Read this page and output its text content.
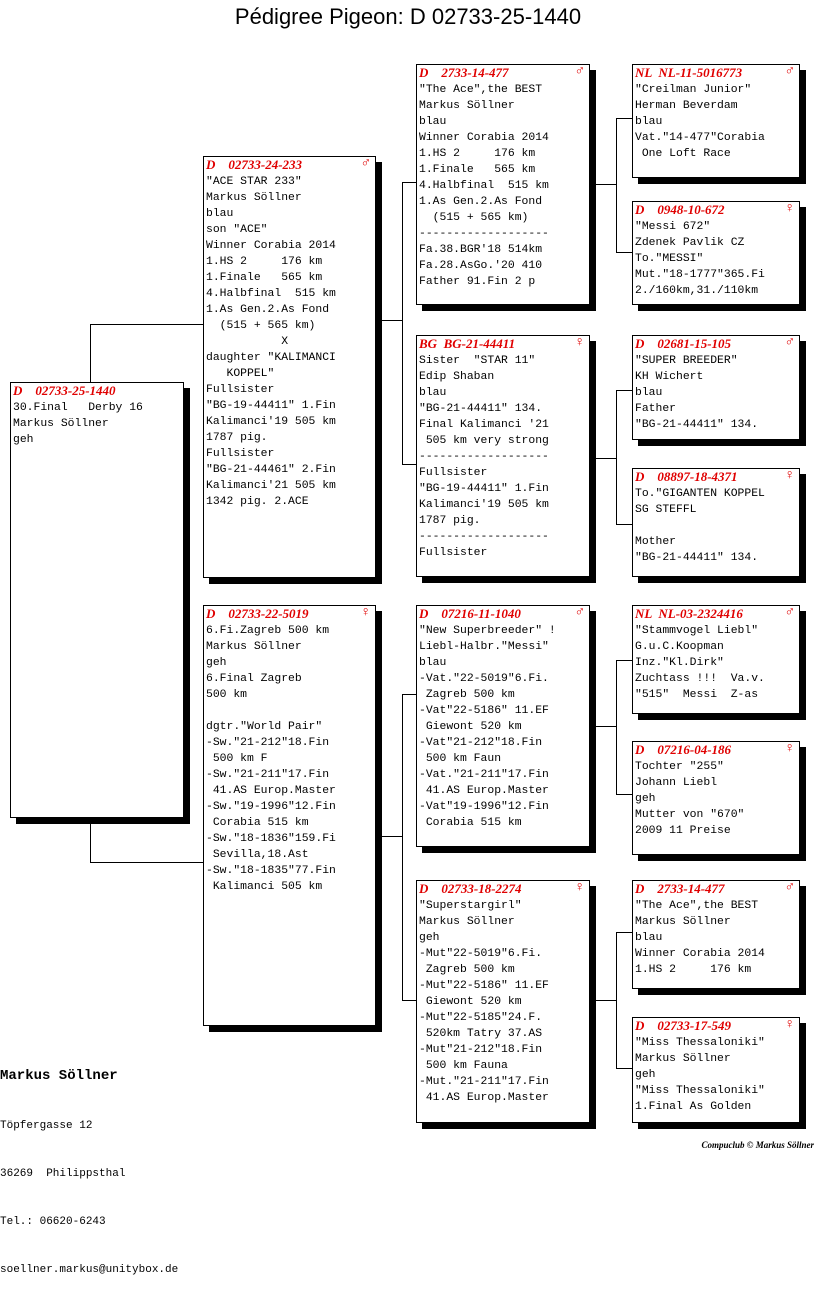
Pédigree Pigeon: D 02733-25-1440
D 02733-25-1440
30.Final   Derby 16
Markus Söllner
geh
D 02733-24-233	♂
"ACE STAR 233"
Markus Söllner
blau
son "ACE"
Winner Corabia 2014
1.HS 2     176 km
1.Finale   565 km
4.Halbfinal  515 km
1.As Gen.2.As Fond
(515 + 565 km)
X
daughter "KALIMANCI
KOPPEL"
Fullsister
"BG-19-44411" 1.Fin
Kalimanci'19 505 km
1787 pig.
Fullsister
"BG-21-44461" 2.Fin
Kalimanci'21 505 km
1342 pig. 2.ACE
D 02733-22-5019	♀
6.Fi.Zagreb 500 km
Markus Söllner
geh
6.Final Zagreb
500 km
dgtr."World Pair"
-Sw."21-212"18.Fin
500 km F
-Sw."21-211"17.Fin
41.AS Europ.Master
-Sw."19-1996"12.Fin
Corabia 515 km
-Sw."18-1836"159.Fi
Sevilla,18.Ast
-Sw."18-1835"77.Fin
Kalimanci 505 km
D 2733-14-477	♂
"The Ace",the BEST
Markus Söllner
blau
Winner Corabia 2014
1.HS 2     176 km
1.Finale   565 km
4.Halbfinal  515 km
1.As Gen.2.As Fond
(515 + 565 km)
-------------------
Fa.38.BGR'18 514km
Fa.28.AsGo.'20 410
Father 91.Fin 2 p
BG BG-21-44411	♀
Sister  "STAR 11"
Edip Shaban
blau
"BG-21-44411" 134.
Final Kalimanci '21
505 km very strong
-------------------
Fullsister
"BG-19-44411" 1.Fin
Kalimanci'19 505 km
1787 pig.
-------------------
Fullsister
D 07216-11-1040	♂
"New Superbreeder" !
Liebl-Halbr."Messi"
blau
-Vat."22-5019"6.Fi.
Zagreb 500 km
-Vat"22-5186" 11.EF
Giewont 520 km
-Vat"21-212"18.Fin
500 km Faun
-Vat."21-211"17.Fin
41.AS Europ.Master
-Vat"19-1996"12.Fin
Corabia 515 km
D 02733-18-2274	♀
"Superstargirl"
Markus Söllner
geh
-Mut"22-5019"6.Fi.
Zagreb 500 km
-Mut"22-5186" 11.EF
Giewont 520 km
-Mut"22-5185"24.F.
520km Tatry 37.AS
-Mut"21-212"18.Fin
500 km Fauna
-Mut."21-211"17.Fin
41.AS Europ.Master
NL NL-11-5016773	♂
"Creilman Junior"
Herman Beverdam
blau
Vat."14-477"Corabia
One Loft Race
D 0948-10-672	♀
"Messi 672"
Zdenek Pavlik CZ
To."MESSI"
Mut."18-1777"365.Fi
2./160km,31./110km
D 02681-15-105	♂
"SUPER BREEDER"
KH Wichert
blau
Father
"BG-21-44411" 134.
D 08897-18-4371	♀
To."GIGANTEN KOPPEL
SG STEFFL
Mother
"BG-21-44411" 134.
NL NL-03-2324416	♂
"Stammvogel Liebl"
G.u.C.Koopman
Inz."Kl.Dirk"
Zuchtass !!!  Va.v.
"515"  Messi  Z-as
D 07216-04-186	♀
Tochter "255"
Johann Liebl
geh
Mutter von "670"
2009 11 Preise
D 2733-14-477	♂
"The Ace",the BEST
Markus Söllner
blau
Winner Corabia 2014
1.HS 2     176 km
D 02733-17-549	♀
"Miss Thessaloniki"
Markus Söllner
geh
"Miss Thessaloniki"
1.Final As Golden

Markus Söllner

Töpfergasse 12

36269  Philippsthal

Tel.: 06620-6243

soellner.markus@unitybox.de

Compuclub © Markus Söllner
